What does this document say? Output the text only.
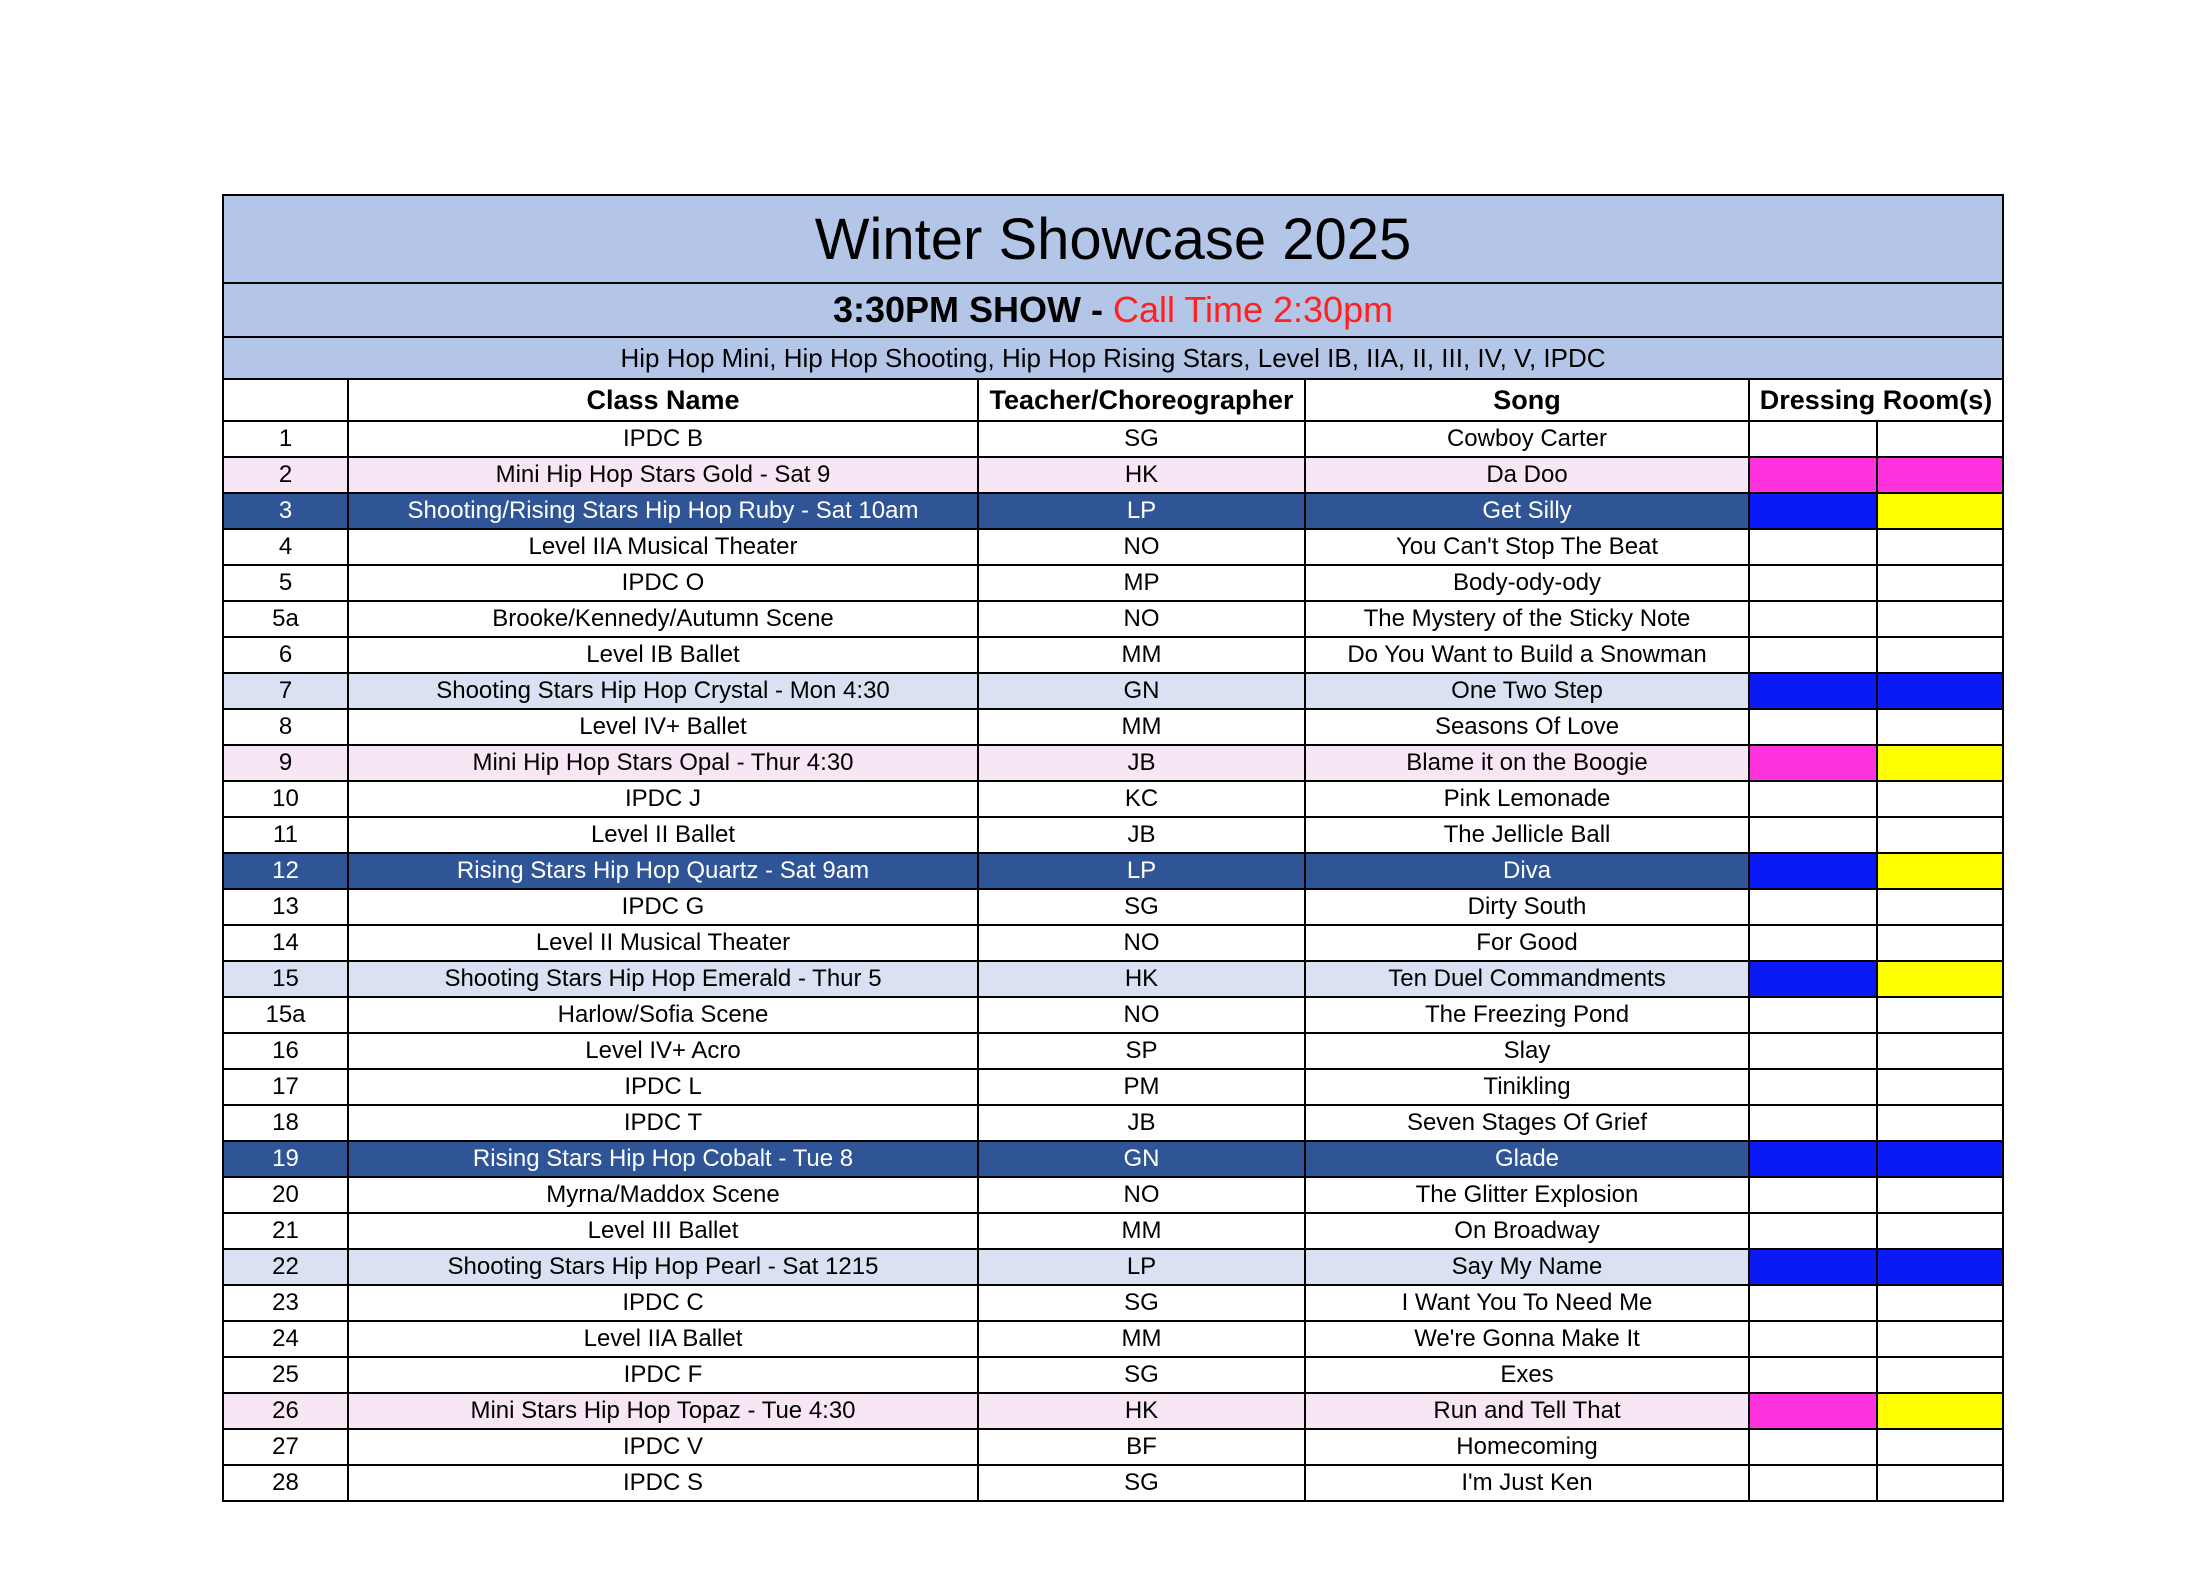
Winter Showcase 2025					
3:30PM SHOW - Call Time 2:30pm					
Hip Hop Mini, Hip Hop Shooting, Hip Hop Rising Stars, Level IB, IIA, II, III, IV, V, IPDC					
	Class Name	Teacher/Choreographer	Song	Dressing Room(s)	
1	IPDC B	SG	Cowboy Carter		
2	Mini Hip Hop Stars Gold - Sat 9	HK	Da Doo		
3	Shooting/Rising Stars Hip Hop Ruby - Sat 10am	LP	Get Silly		
4	Level IIA Musical Theater	NO	You Can't Stop The Beat		
5	IPDC O	MP	Body-ody-ody		
5a	Brooke/Kennedy/Autumn Scene	NO	The Mystery of the Sticky Note		
6	Level IB Ballet	MM	Do You Want to Build a Snowman		
7	Shooting Stars Hip Hop Crystal - Mon 4:30	GN	One Two Step		
8	Level IV+ Ballet	MM	Seasons Of Love		
9	Mini Hip Hop Stars Opal - Thur 4:30	JB	Blame it on the Boogie		
10	IPDC J	KC	Pink Lemonade		
11	Level II Ballet	JB	The Jellicle Ball		
12	Rising Stars Hip Hop Quartz - Sat 9am	LP	Diva		
13	IPDC G	SG	Dirty South		
14	Level II Musical Theater	NO	For Good		
15	Shooting Stars Hip Hop Emerald - Thur 5	HK	Ten Duel Commandments		
15a	Harlow/Sofia Scene	NO	The Freezing Pond		
16	Level IV+ Acro	SP	Slay		
17	IPDC L	PM	Tinikling		
18	IPDC T	JB	Seven Stages Of Grief		
19	Rising Stars Hip Hop Cobalt - Tue 8	GN	Glade		
20	Myrna/Maddox Scene	NO	The Glitter Explosion		
21	Level III Ballet	MM	On Broadway		
22	Shooting Stars Hip Hop Pearl - Sat 1215	LP	Say My Name		
23	IPDC C	SG	I Want You To Need Me		
24	Level IIA Ballet	MM	We're Gonna Make It		
25	IPDC F	SG	Exes		
26	Mini Stars Hip Hop Topaz - Tue 4:30	HK	Run and Tell That		
27	IPDC V	BF	Homecoming		
28	IPDC S	SG	I'm Just Ken		
